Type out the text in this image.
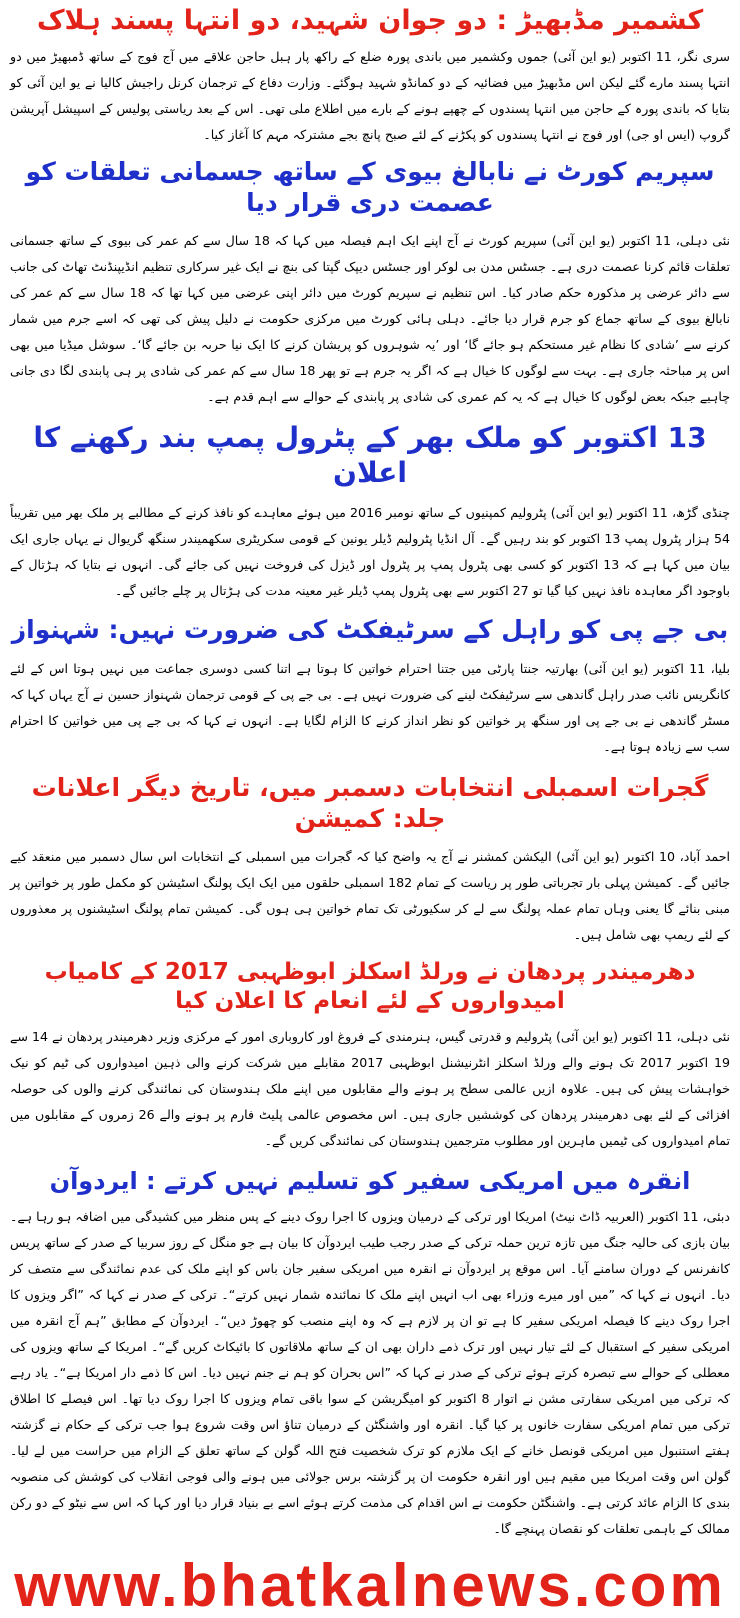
کشمیر مڈبھیڑ : دو جوان شہید، دو انتہا پسند ہلاک

سری نگر، 11 اکتوبر (یو این آئی) جموں وکشمیر میں باندی پورہ ضلع کے راکھ پار ہبل حاجن علاقے میں آج فوج کے ساتھ ڈمبھیڑ میں دو انتہا پسند مارے گئے لیکن اس مڈبھیڑ میں فضائیہ کے دو کمانڈو شہید ہوگئے۔ وزارت دفاع کے ترجمان کرنل راجیش کالیا نے یو این آئی کو بتایا کہ باندی پورہ کے حاجن میں انتہا پسندوں کے چھپے ہونے کے بارے میں اطلاع ملی تھی۔ اس کے بعد ریاستی پولیس کے اسپیشل آپریشن گروپ (ایس او جی) اور فوج نے انتہا پسندوں کو پکڑنے کے لئے صبح پانچ بجے مشترکہ مہم کا آغاز کیا۔

سپریم کورٹ نے نابالغ بیوی کے ساتھ جسمانی تعلقات کو عصمت دری قرار دیا

نئی دہلی، 11 اکتوبر (یو این آئی) سپریم کورٹ نے آج اپنے ایک اہم فیصلہ میں کہا کہ 18 سال سے کم عمر کی بیوی کے ساتھ جسمانی تعلقات قائم کرنا عصمت دری ہے۔ جسٹس مدن بی لوکر اور جسٹس دیپک گپتا کی بنچ نے ایک غیر سرکاری تنظیم انڈیپنڈنٹ تھاٹ کی جانب سے دائر عرضی پر مذکورہ حکم صادر کیا۔ اس تنظیم نے سپریم کورٹ میں دائر اپنی عرضی میں کہا تھا کہ 18 سال سے کم عمر کی نابالغ بیوی کے ساتھ جماع کو جرم قرار دیا جائے۔ دہلی ہائی کورٹ میں مرکزی حکومت نے دلیل پیش کی تھی کہ اسے جرم میں شمار کرنے سے ’شادی کا نظام غیر مستحکم ہو جائے گا‘ اور ’یہ شوہروں کو پریشان کرنے کا ایک نیا حربہ بن جائے گا‘۔ سوشل میڈیا میں بھی اس پر مباحثہ جاری ہے۔ بہت سے لوگوں کا خیال ہے کہ اگر یہ جرم ہے تو پھر 18 سال سے کم عمر کی شادی پر ہی پابندی لگا دی جانی چاہیے جبکہ بعض لوگوں کا خیال ہے کہ یہ کم عمری کی شادی پر پابندی کے حوالے سے اہم قدم ہے۔

13 اکتوبر کو ملک بھر کے پٹرول پمپ بند رکھنے کا اعلان

چنڈی گڑھ، 11 اکتوبر (یو این آئی) پٹرولیم کمپنیوں کے ساتھ نومبر 2016 میں ہوئے معاہدے کو نافذ کرنے کے مطالبے پر ملک بھر میں تقریباً 54 ہزار پٹرول پمپ 13 اکتوبر کو بند رہیں گے۔ آل انڈیا پٹرولیم ڈیلر یونین کے قومی سکریٹری سکھمیندر سنگھ گریوال نے یہاں جاری ایک بیان میں کہا ہے کہ 13 اکتوبر کو کسی بھی پٹرول پمپ پر پٹرول اور ڈیزل کی فروخت نہیں کی جائے گی۔ انہوں نے بتایا کہ ہڑتال کے باوجود اگر معاہدہ نافذ نہیں کیا گیا تو 27 اکتوبر سے بھی پٹرول پمپ ڈیلر غیر معینہ مدت کی ہڑتال پر چلے جائیں گے۔

بی جے پی کو راہل کے سرٹیفکٹ کی ضرورت نہیں: شہنواز

بلیا، 11 اکتوبر (یو این آئی) بھارتیہ جنتا پارٹی میں جتنا احترام خواتین کا ہوتا ہے اتنا کسی دوسری جماعت میں نہیں ہوتا اس کے لئے کانگریس نائب صدر راہل گاندھی سے سرٹیفکٹ لینے کی ضرورت نہیں ہے۔ بی جے پی کے قومی ترجمان شہنواز حسین نے آج یہاں کہا کہ مسٹر گاندھی نے بی جے پی اور سنگھ پر خواتین کو نظر انداز کرنے کا الزام لگایا ہے۔ انہوں نے کہا کہ بی جے پی میں خواتین کا احترام سب سے زیادہ ہوتا ہے۔

گجرات اسمبلی انتخابات دسمبر میں، تاریخ دیگر اعلانات جلد: کمیشن

احمد آباد، 10 اکتوبر (یو این آئی) الیکشن کمشنر نے آج یہ واضح کیا کہ گجرات میں اسمبلی کے انتخابات اس سال دسمبر میں منعقد کیے جائیں گے۔ کمیشن پہلی بار تجرباتی طور پر ریاست کے تمام 182 اسمبلی حلقوں میں ایک ایک پولنگ اسٹیشن کو مکمل طور پر خواتین پر مبنی بنائے گا یعنی وہاں تمام عملہ پولنگ سے لے کر سکیورٹی تک تمام خواتین ہی ہوں گی۔ کمیشن تمام پولنگ اسٹیشنوں پر معذوروں کے لئے ریمپ بھی شامل ہیں۔

دھرمیندر پردھان نے ورلڈ اسکلز ابوظہبی 2017 کے کامیاب امیدواروں کے لئے انعام کا اعلان کیا

نئی دہلی، 11 اکتوبر (یو این آئی) پٹرولیم و قدرتی گیس، ہنرمندی کے فروغ اور کاروباری امور کے مرکزی وزیر دھرمیندر پردھان نے 14 سے 19 اکتوبر 2017 تک ہونے والے ورلڈ اسکلز انٹرنیشنل ابوظہبی 2017 مقابلے میں شرکت کرنے والی ذہین امیدواروں کی ٹیم کو نیک خواہشات پیش کی ہیں۔ علاوہ ازیں عالمی سطح پر ہونے والے مقابلوں میں اپنے ملک ہندوستان کی نمائندگی کرنے والوں کی حوصلہ افزائی کے لئے بھی دھرمیندر پردھان کی کوششیں جاری ہیں۔ اس مخصوص عالمی پلیٹ فارم پر ہونے والے 26 زمروں کے مقابلوں میں تمام امیدواروں کی ٹیمیں ماہرین اور مطلوب مترجمین ہندوستان کی نمائندگی کریں گے۔

انقرہ میں امریکی سفیر کو تسلیم نہیں کرتے : ایردوآن

دبئی، 11 اکتوبر (العربیہ ڈاٹ نیٹ) امریکا اور ترکی کے درمیان ویزوں کا اجرا روک دینے کے پس منظر میں کشیدگی میں اضافہ ہو رہا ہے۔ بیان بازی کی حالیہ جنگ میں تازہ ترین حملہ ترکی کے صدر رجب طیب ایردوآن کا بیان ہے جو منگل کے روز سربیا کے صدر کے ساتھ پریس کانفرنس کے دوران سامنے آیا۔ اس موقع پر ایردوآن نے انقرہ میں امریکی سفیر جان باس کو اپنے ملک کی عدم نمائندگی سے متصف کر دیا۔ انہوں نے کہا کہ ”میں اور میرے وزراء بھی اب انہیں اپنے ملک کا نمائندہ شمار نہیں کرتے“۔ ترکی کے صدر نے کہا کہ ”اگر ویزوں کا اجرا روک دینے کا فیصلہ امریکی سفیر کا ہے تو ان پر لازم ہے کہ وہ اپنے منصب کو چھوڑ دیں“۔ ایردوآن کے مطابق ”ہم آج انقرہ میں امریکی سفیر کے استقبال کے لئے تیار نہیں اور ترک ذمے داران بھی ان کے ساتھ ملاقاتوں کا بائیکاٹ کریں گے“۔ امریکا کے ساتھ ویزوں کی معطلی کے حوالے سے تبصرہ کرتے ہوئے ترکی کے صدر نے کہا کہ ”اس بحران کو ہم نے جنم نہیں دیا۔ اس کا ذمے دار امریکا ہے“۔ یاد رہے کہ ترکی میں امریکی سفارتی مشن نے اتوار 8 اکتوبر کو امیگریشن کے سوا باقی تمام ویزوں کا اجرا روک دیا تھا۔ اس فیصلے کا اطلاق ترکی میں تمام امریکی سفارت خانوں پر کیا گیا۔ انقرہ اور واشنگٹن کے درمیان تناؤ اس وقت شروع ہوا جب ترکی کے حکام نے گزشتہ ہفتے استنبول میں امریکی قونصل خانے کے ایک ملازم کو ترک شخصیت فتح اللہ گولن کے ساتھ تعلق کے الزام میں حراست میں لے لیا۔ گولن اس وقت امریکا میں مقیم ہیں اور انقرہ حکومت ان پر گزشتہ برس جولائی میں ہونے والی فوجی انقلاب کی کوشش کی منصوبہ بندی کا الزام عائد کرتی ہے۔ واشنگٹن حکومت نے اس اقدام کی مذمت کرتے ہوئے اسے بے بنیاد قرار دیا اور کہا کہ اس سے نیٹو کے دو رکن ممالک کے باہمی تعلقات کو نقصان پہنچے گا۔

www.bhatkalnews.com
